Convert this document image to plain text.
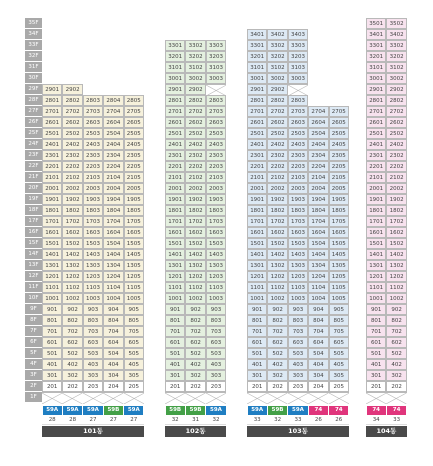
35F
34F
33F
32F
31F
30F
29F
28F
27F
26F
25F
24F
23F
22F
21F
20F
19F
18F
17F
16F
15F
14F
13F
12F
11F
10F
9F
8F
7F
6F
5F
4F
3F
2F
1F
2901
2801
2701
2601
2501
2401
2301
2201
2101
2001
1901
1801
1701
1601
1501
1401
1301
1201
1101
1001
901
801
701
601
501
401
301
201
59A
28
2902
2802
2702
2602
2502
2402
2302
2202
2102
2002
1902
1802
1702
1602
1502
1402
1302
1202
1102
1002
902
802
702
602
502
402
302
202
59A
28
2803
2703
2603
2503
2403
2303
2203
2103
2003
1903
1803
1703
1603
1503
1403
1303
1203
1103
1003
903
803
703
603
503
403
303
203
59A
27
2804
2704
2604
2504
2404
2304
2204
2104
2004
1904
1804
1704
1604
1504
1404
1304
1204
1104
1004
904
804
704
604
504
404
304
204
59B
27
2805
2705
2605
2505
2405
2305
2205
2105
2005
1905
1805
1705
1605
1505
1405
1305
1205
1105
1005
905
805
705
605
505
405
305
205
59A
27
101동
3301
3201
3101
3001
2901
2801
2701
2601
2501
2401
2301
2201
2101
2001
1901
1801
1701
1601
1501
1401
1301
1201
1101
1001
901
801
701
601
501
401
301
201
59B
32
3302
3202
3102
3002
2902
2802
2702
2602
2502
2402
2302
2202
2102
2002
1902
1802
1702
1602
1502
1402
1302
1202
1102
1002
902
802
702
602
502
402
302
202
59B
31
3303
3203
3103
3003
2803
2703
2603
2503
2403
2303
2203
2103
2003
1903
1803
1703
1603
1503
1403
1303
1203
1103
1003
903
803
703
603
503
403
303
203
59A
32
102동
3401
3301
3201
3101
3001
2901
2801
2701
2601
2501
2401
2301
2201
2101
2001
1901
1801
1701
1601
1501
1401
1301
1201
1101
1001
901
801
701
601
501
401
301
201
59A
33
3402
3302
3202
3102
3002
2902
2802
2702
2602
2502
2402
2302
2202
2102
2002
1902
1802
1702
1602
1502
1402
1302
1202
1102
1002
902
802
702
602
502
402
302
202
59B
32
3403
3303
3203
3103
3003
2803
2703
2603
2503
2403
2303
2203
2103
2003
1903
1803
1703
1603
1503
1403
1303
1203
1103
1003
903
803
703
603
503
403
303
203
59A
33
2704
2604
2504
2404
2304
2204
2104
2004
1904
1804
1704
1604
1504
1404
1304
1204
1104
1004
904
804
704
604
504
404
304
204
74
26
2705
2605
2505
2405
2305
2205
2105
2005
1905
1805
1705
1605
1505
1405
1305
1205
1105
1005
905
805
705
605
505
405
305
205
74
26
103동
3501
3401
3301
3201
3101
3001
2901
2801
2701
2601
2501
2401
2301
2201
2101
2001
1901
1801
1701
1601
1501
1401
1301
1201
1101
1001
901
801
701
601
501
401
301
201
74
34
3502
3402
3302
3202
3102
3002
2902
2802
2702
2602
2502
2402
2302
2202
2102
2002
1902
1802
1702
1602
1502
1402
1302
1202
1102
1002
902
802
702
602
502
402
302
202
74
33
104동
